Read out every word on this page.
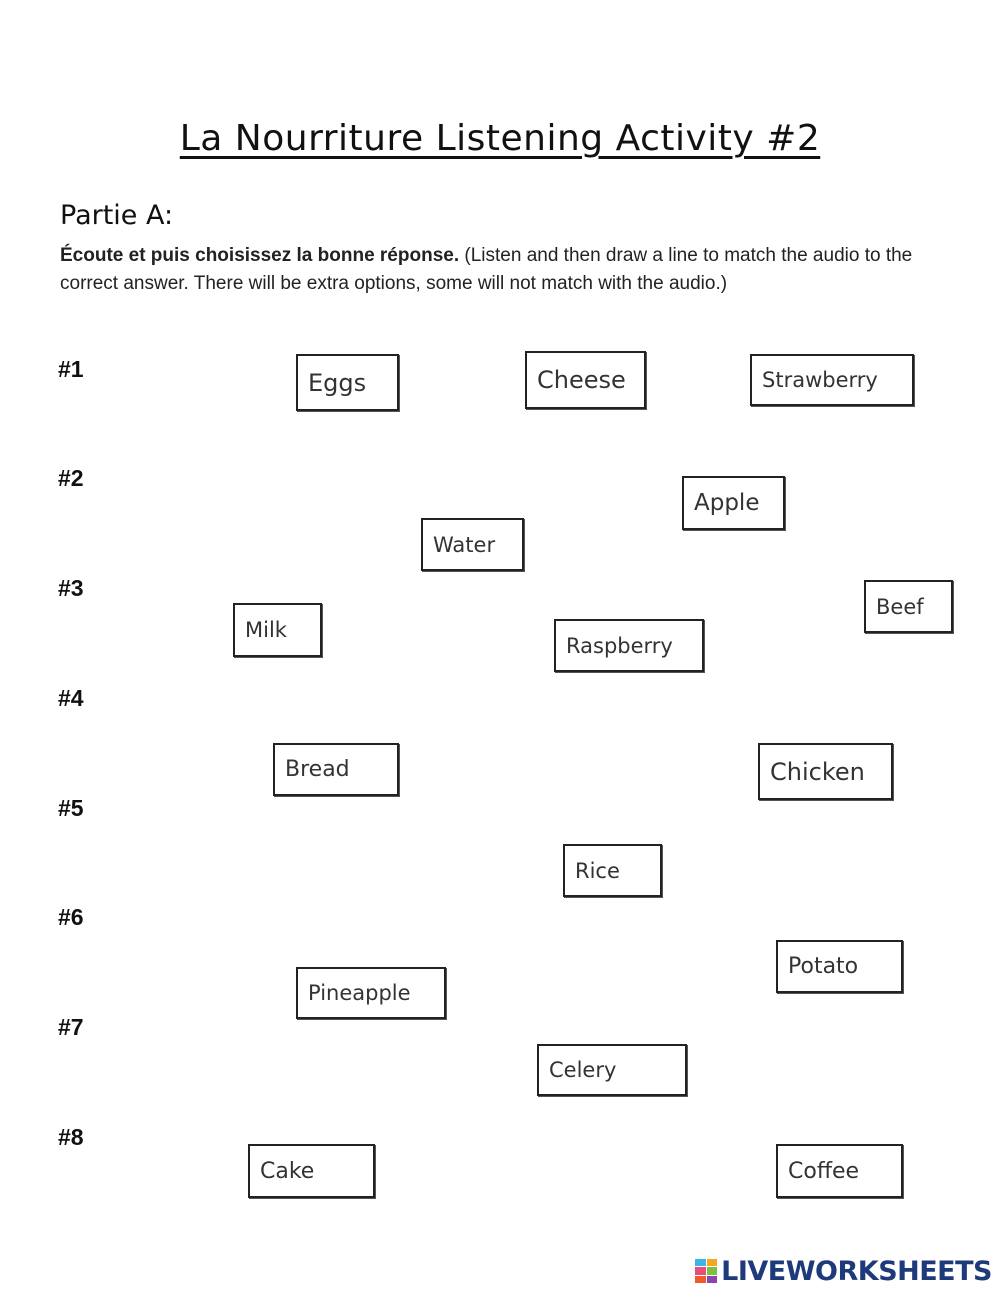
La Nourriture Listening Activity #2
Partie A:
Écoute et puis choisissez la bonne réponse. (Listen and then draw a line to match the audio to the correct answer. There will be extra options, some will not match with the audio.)
#1
#2
#3
#4
#5
#6
#7
#8
Eggs	Cheese	Strawberry
Apple
Water
Beef
Milk
Raspberry
Bread	Chicken
Rice
Potato
Pineapple
Celery
Cake	Coffee
LIVEWORKSHEETS
